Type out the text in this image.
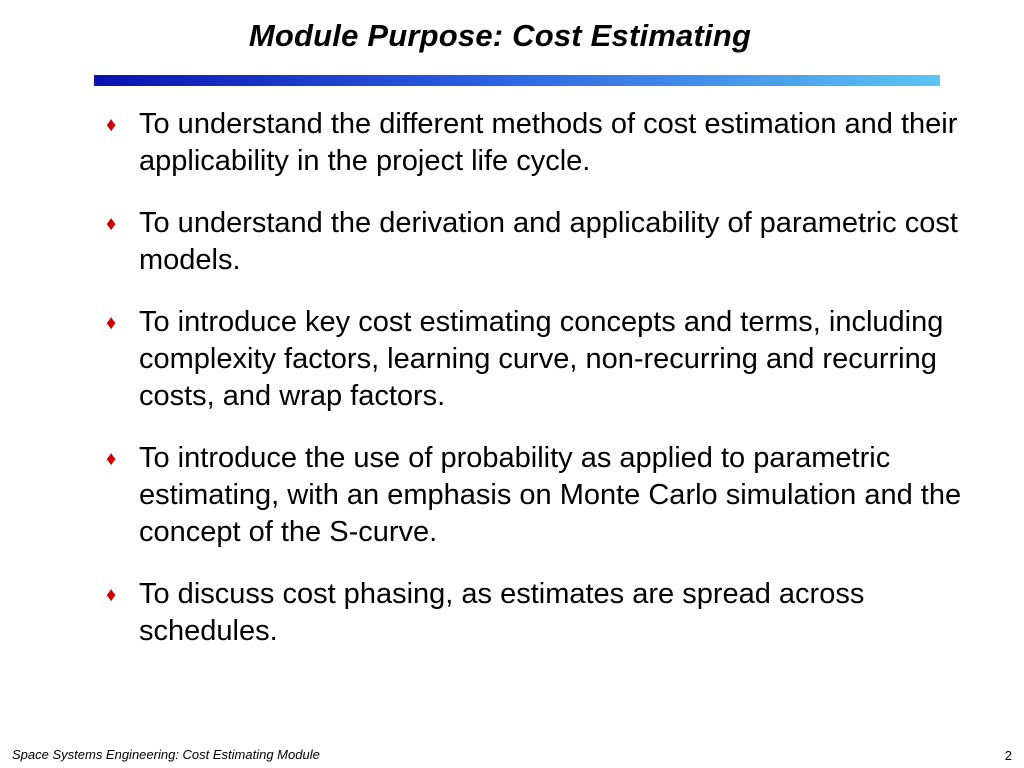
Module Purpose: Cost Estimating
♦ To understand the different methods of cost estimation and their applicability in the project life cycle.
♦ To understand the derivation and applicability of parametric cost models.
♦ To introduce key cost estimating concepts and terms, including complexity factors, learning curve, non-recurring and recurring costs, and wrap factors.
♦ To introduce the use of probability as applied to parametric estimating, with an emphasis on Monte Carlo simulation and the concept of the S-curve.
♦ To discuss cost phasing, as estimates are spread across schedules.
Space Systems Engineering: Cost Estimating Module	2
